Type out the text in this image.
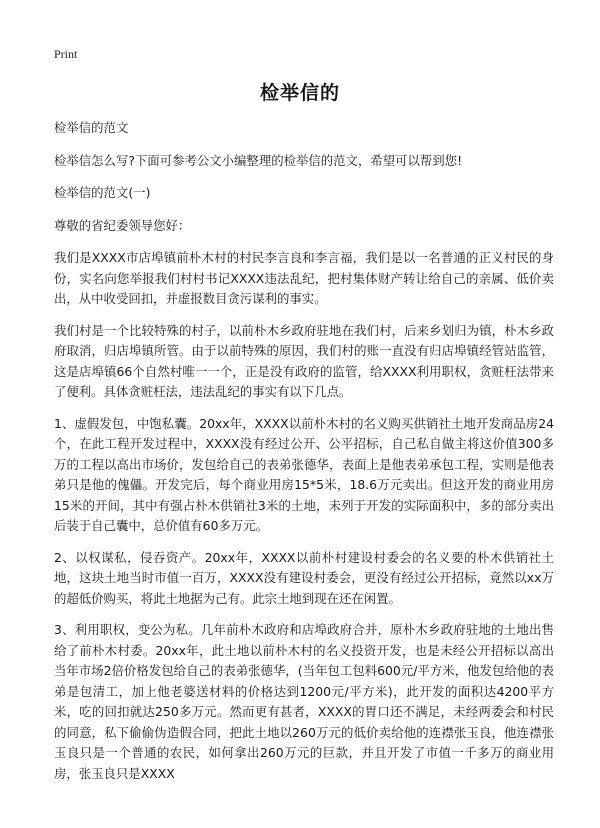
Print
检举信的

检举信的范文

检举信怎么写?下面可参考公文小编整理的检举信的范文，希望可以帮到您!

检举信的范文(一)

尊敬的省纪委领导您好：

我们是XXXX市店埠镇前朴木村的村民李言良和李言福，我们是以一名普通的正义村民的身份，实名向您举报我们村村书记XXXX违法乱纪，把村集体财产转让给自己的亲属、低价卖出，从中收受回扣，并虚报数目贪污谋利的事实。

我们村是一个比较特殊的村子，以前朴木乡政府驻地在我们村，后来乡划归为镇，朴木乡政府取消，归店埠镇所管。由于以前特殊的原因，我们村的账一直没有归店埠镇经管站监管，这是店埠镇66个自然村唯一一个，正是没有政府的监管，给XXXX利用职权，贪赃枉法带来了便利。具体贪赃枉法，违法乱纪的事实有以下几点。

1、虚假发包，中饱私囊。20xx年，XXXX以前朴木村的名义购买供销社土地开发商品房24个，在此工程开发过程中，XXXX没有经过公开、公平招标，自己私自做主将这价值300多万的工程以高出市场价，发包给自己的表弟张德华，表面上是他表弟承包工程，实则是他表弟只是他的傀儡。开发完后，每个商业用房15*5米，18.6万元卖出。但这开发的商业用房15米的开间，其中有强占朴木供销社3米的土地，未列于开发的实际面积中，多的部分卖出后装于自己囊中，总价值有60多万元。

2、以权谋私，侵吞资产。20xx年，XXXX以前朴村建设村委会的名义要的朴木供销社土地，这块土地当时市值一百万，XXXX没有建设村委会，更没有经过公开招标，竟然以xx万的超低价购买，将此土地据为己有。此宗土地到现在还在闲置。

3、利用职权，变公为私。几年前朴木政府和店埠政府合并，原朴木乡政府驻地的土地出售给了前朴木村委。20xx年，此土地以前朴木村的名义投资开发，也是未经公开招标以高出当年市场2倍价格发包给自己的表弟张德华，(当年包工包料600元/平方米，他发包给他的表弟是包清工，加上他老婆送材料的价格达到1200元/平方米)，此开发的面积达4200平方米，吃的回扣就达250多万元。然而更有甚者，XXXX的胃口还不满足，未经两委会和村民的同意，私下偷偷伪造假合同，把此土地以260万元的低价卖给他的连襟张玉良，他连襟张玉良只是一个普通的农民，如何拿出260万元的巨款，并且开发了市值一千多万的商业用房，张玉良只是XXXX
